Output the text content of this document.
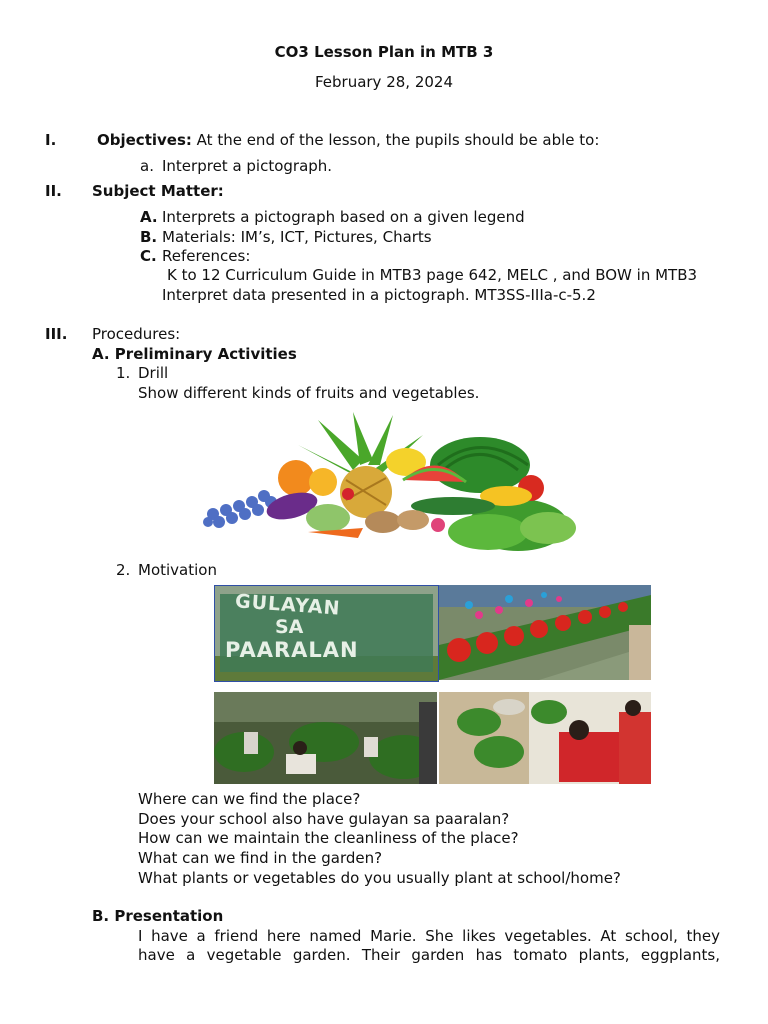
CO3 Lesson Plan in MTB 3
February 28, 2024
I.	Objectives: At the end of the lesson, the pupils should be able to:
a. Interpret a pictograph.
II. Subject Matter:
A. Interprets a pictograph based on a given legend
B. Materials: IM’s, ICT, Pictures, Charts
C. References:
K to 12 Curriculum Guide in MTB3 page 642, MELC , and BOW in MTB3
Interpret data presented in a pictograph. MT3SS-IIIa-c-5.2
III. Procedures:
A. Preliminary Activities
1. Drill
Show different kinds of fruits and vegetables.
2. Motivation
GULAYAN
SA
PAARALAN
Where can we find the place?
Does your school also have gulayan sa paaralan?
How can we maintain the cleanliness of the place?
What can we find in the garden?
What plants or vegetables do you usually plant at school/home?
B. Presentation
I have a friend here named Marie. She likes vegetables. At school, they
have a vegetable garden. Their garden has tomato plants, eggplants,
